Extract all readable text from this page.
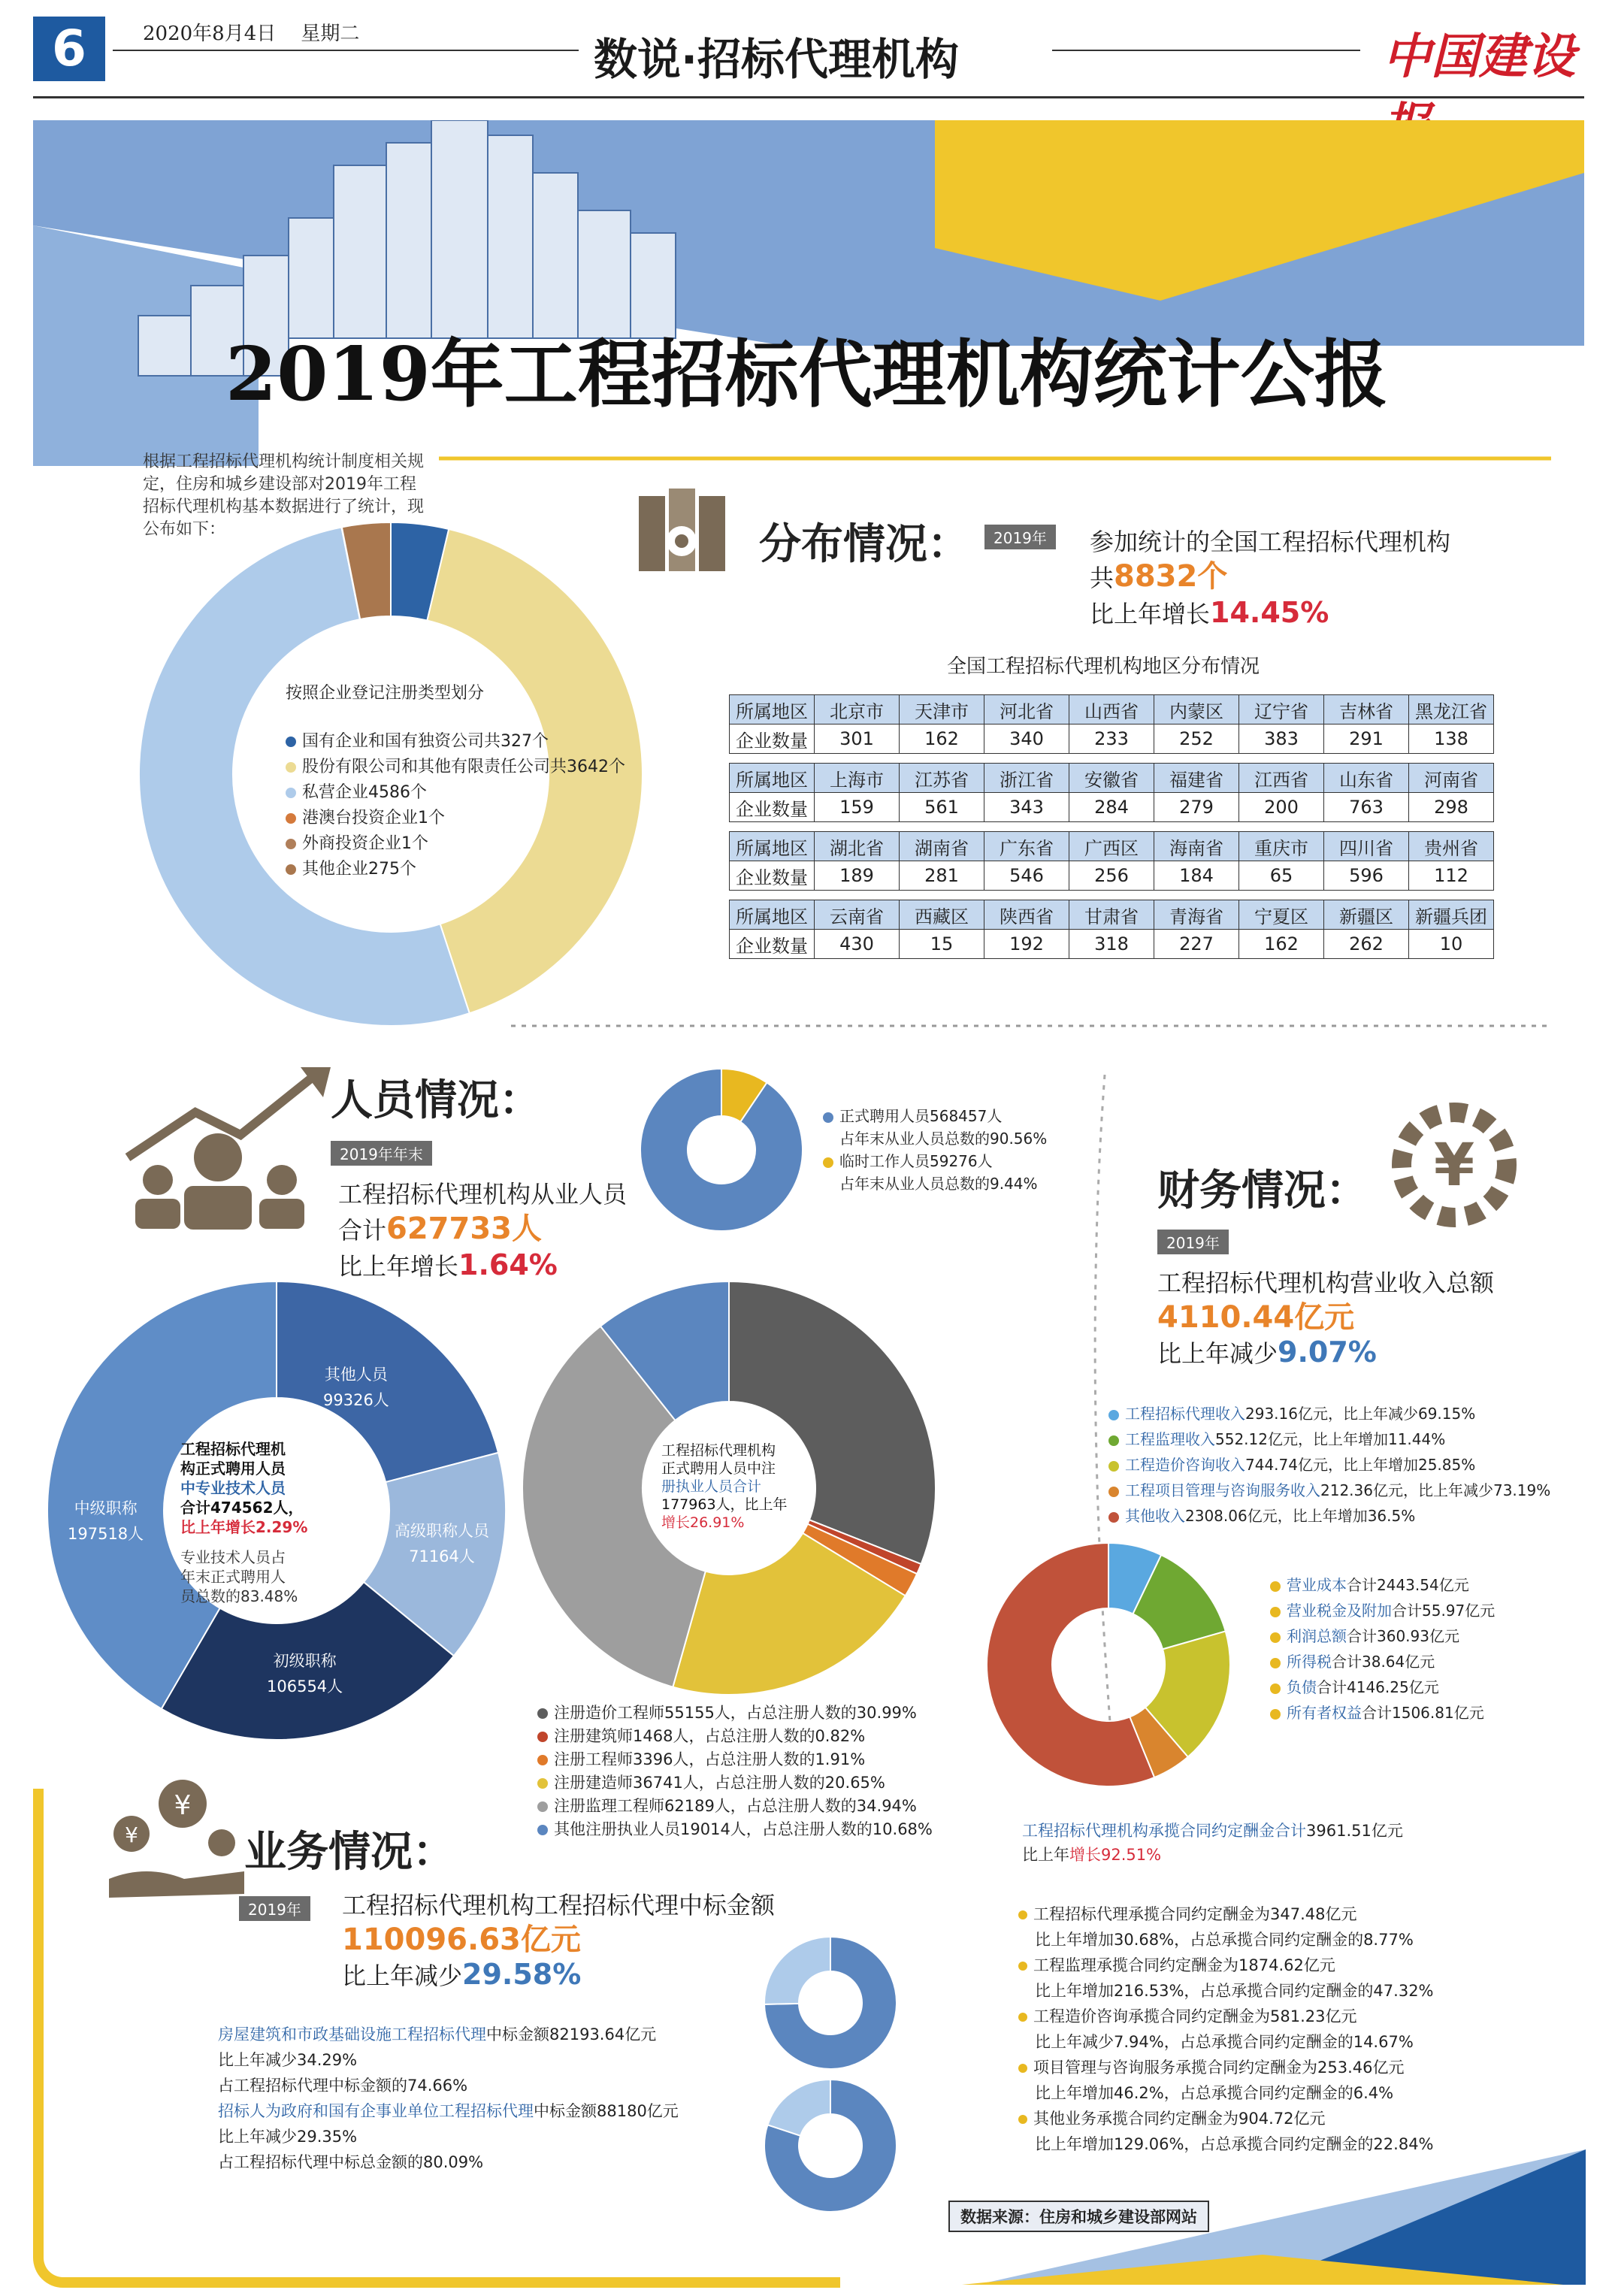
6	2020年8月4日 星期二	数说·招标代理机构	中国建设
2019年工程招标代理机构统计公报
根据工程招标代理机构统计制度相关规定，住房和城乡建设部对2019年工程招标代理机构基本数据进行了统计，现公布如下：
按照企业登记注册类型划分
国有企业和国有独资公司共327个
股份有限公司和其他有限责任公司共3642个
私营企业4586个
港澳台投资企业1个
外商投资企业1个
其他企业275个
分布情况：	2019年	参加统计的全国工程招标代理机构
共8832个
比上年增长14.45%
全国工程招标代理机构地区分布情况
所属地区	北京市	天津市	河北省	山西省	内蒙区	辽宁省	吉林省	黑龙江省
企业数量	301	162	340	233	252	383	291	138

所属地区	上海市	江苏省	浙江省	安徽省	福建省	江西省	山东省	河南省
企业数量	159	561	343	284	279	200	763	298

所属地区	湖北省	湖南省	广东省	广西区	海南省	重庆市	四川省	贵州省
企业数量	189	281	546	256	184	65	596	112

所属地区	云南省	西藏区	陕西省	甘肃省	青海省	宁夏区	新疆区	新疆兵团
企业数量	430	15	192	318	227	162	262	10
人员情况：
2019年年末
工程招标代理机构从业人员
合计627733人
比上年增长1.64%
正式聘用人员568457人
占年末从业人员总数的90.56%
临时工作人员59276人
占年末从业人员总数的9.44%
工程招标代理机
构正式聘用人员
中专业技术人员
合计474562人，
比上年增长2.29%
专业技术人员占
年末正式聘用人
员总数的83.48%
其他人员
99326人
高级职称人员
71164人
初级职称
106554人
中级职称
197518人
工程招标代理机构
正式聘用人员中注
册执业人员合计
177963人，比上年
增长26.91%
注册造价工程师55155人，占总注册人数的30.99%
注册建筑师1468人，占总注册人数的0.82%
注册工程师3396人，占总注册人数的1.91%
注册建造师36741人，占总注册人数的20.65%
注册监理工程师62189人，占总注册人数的34.94%
其他注册执业人员19014人，占总注册人数的10.68%
¥
财务情况：
2019年
工程招标代理机构营业收入总额
4110.44亿元
比上年减少9.07%
工程招标代理收入293.16亿元，比上年减少69.15%
工程监理收入552.12亿元，比上年增加11.44%
工程造价咨询收入744.74亿元，比上年增加25.85%
工程项目管理与咨询服务收入212.36亿元，比上年减少73.19%
其他收入2308.06亿元，比上年增加36.5%
营业成本合计2443.54亿元
营业税金及附加合计55.97亿元
利润总额合计360.93亿元
所得税合计38.64亿元
负债合计4146.25亿元
所有者权益合计1506.81亿元
¥
¥	业务情况：
2019年	工程招标代理机构工程招标代理中标金额
110096.63亿元
比上年减少29.58%
房屋建筑和市政基础设施工程招标代理中标金额82193.64亿元
比上年减少34.29%
占工程招标代理中标金额的74.66%
招标人为政府和国有企事业单位工程招标代理中标金额88180亿元
比上年减少29.35%
占工程招标代理中标总金额的80.09%
工程招标代理机构承揽合同约定酬金合计3961.51亿元
比上年增长92.51%
工程招标代理承揽合同约定酬金为347.48亿元
比上年增加30.68%，占总承揽合同约定酬金的8.77%
工程监理承揽合同约定酬金为1874.62亿元
比上年增加216.53%，占总承揽合同约定酬金的47.32%
工程造价咨询承揽合同约定酬金为581.23亿元
比上年减少7.94%，占总承揽合同约定酬金的14.67%
项目管理与咨询服务承揽合同约定酬金为253.46亿元
比上年增加46.2%，占总承揽合同约定酬金的6.4%
其他业务承揽合同约定酬金为904.72亿元
比上年增加129.06%，占总承揽合同约定酬金的22.84%
数据来源：住房和城乡建设部网站
